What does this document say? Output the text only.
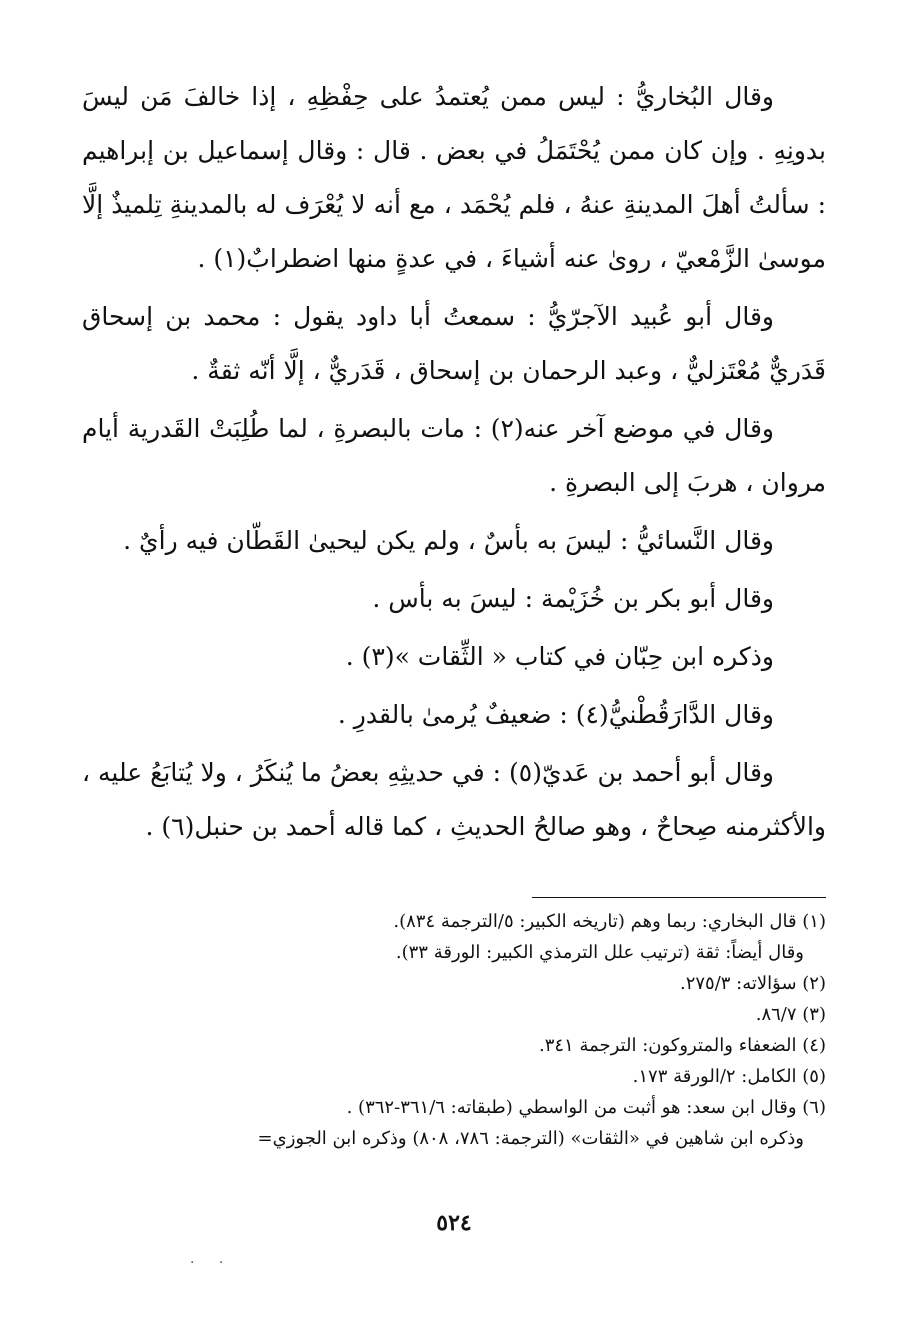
وقال البُخاريُّ : ليس ممن يُعتمدُ على حِفْظِهِ ، إذا خالفَ مَن ليسَ بدونِهِ . وإن كان ممن يُحْتَمَلُ في بعض . قال : وقال إسماعيل بن إبراهيم : سألتُ أهلَ المدينةِ عنهُ ، فلم يُحْمَد ، مع أنه لا يُعْرَف له بالمدينةِ تِلميذٌ إلَّا موسىٰ الزَّمْعيّ ، روىٰ عنه أشياءَ ، في عدةٍ منها اضطرابٌ(١) .

وقال أبو عُبيد الآجرّيُّ : سمعتُ أبا داود يقول : محمد بن إسحاق قَدَريٌّ مُعْتَزليٌّ ، وعبد الرحمان بن إسحاق ، قَدَريٌّ ، إلَّا أنّه ثقةٌ .

وقال في موضع آخر عنه(٢) : مات بالبصرةِ ، لما طُلِبَتْ القَدرية أيام مروان ، هربَ إلى البصرةِ .

وقال النَّسائيُّ : ليسَ به بأسٌ ، ولم يكن ليحيىٰ القَطّان فيه رأيٌ .

وقال أبو بكر بن خُزَيْمة : ليسَ به بأس .

وذكره ابن حِبّان في كتاب « الثِّقات »(٣) .

وقال الدَّارَقُطْنيُّ(٤) : ضعيفٌ يُرمىٰ بالقدرِ .

وقال أبو أحمد بن عَديّ(٥) : في حديثِهِ بعضُ ما يُنكَرُ ، ولا يُتابَعُ عليه ، والأكثرمنه صِحاحٌ ، وهو صالحُ الحديثِ ، كما قاله أحمد بن حنبل(٦) .

(١) قال البخاري: ربما وهم (تاريخه الكبير: ٥/الترجمة ٨٣٤).

وقال أيضاً: ثقة (ترتيب علل الترمذي الكبير: الورقة ٣٣).

(٢) سؤالاته: ٢٧٥/٣.

(٣) ٨٦/٧.

(٤) الضعفاء والمتروكون: الترجمة ٣٤١.

(٥) الكامل: ٢/الورقة ١٧٣.

(٦) وقال ابن سعد: هو أثبت من الواسطي (طبقاته: ٣٦١/٦-٣٦٢) .

وذكره ابن شاهين في «الثقات» (الترجمة: ٧٨٦، ٨٠٨) وذكره ابن الجوزي=

٥٢٤
· ·
